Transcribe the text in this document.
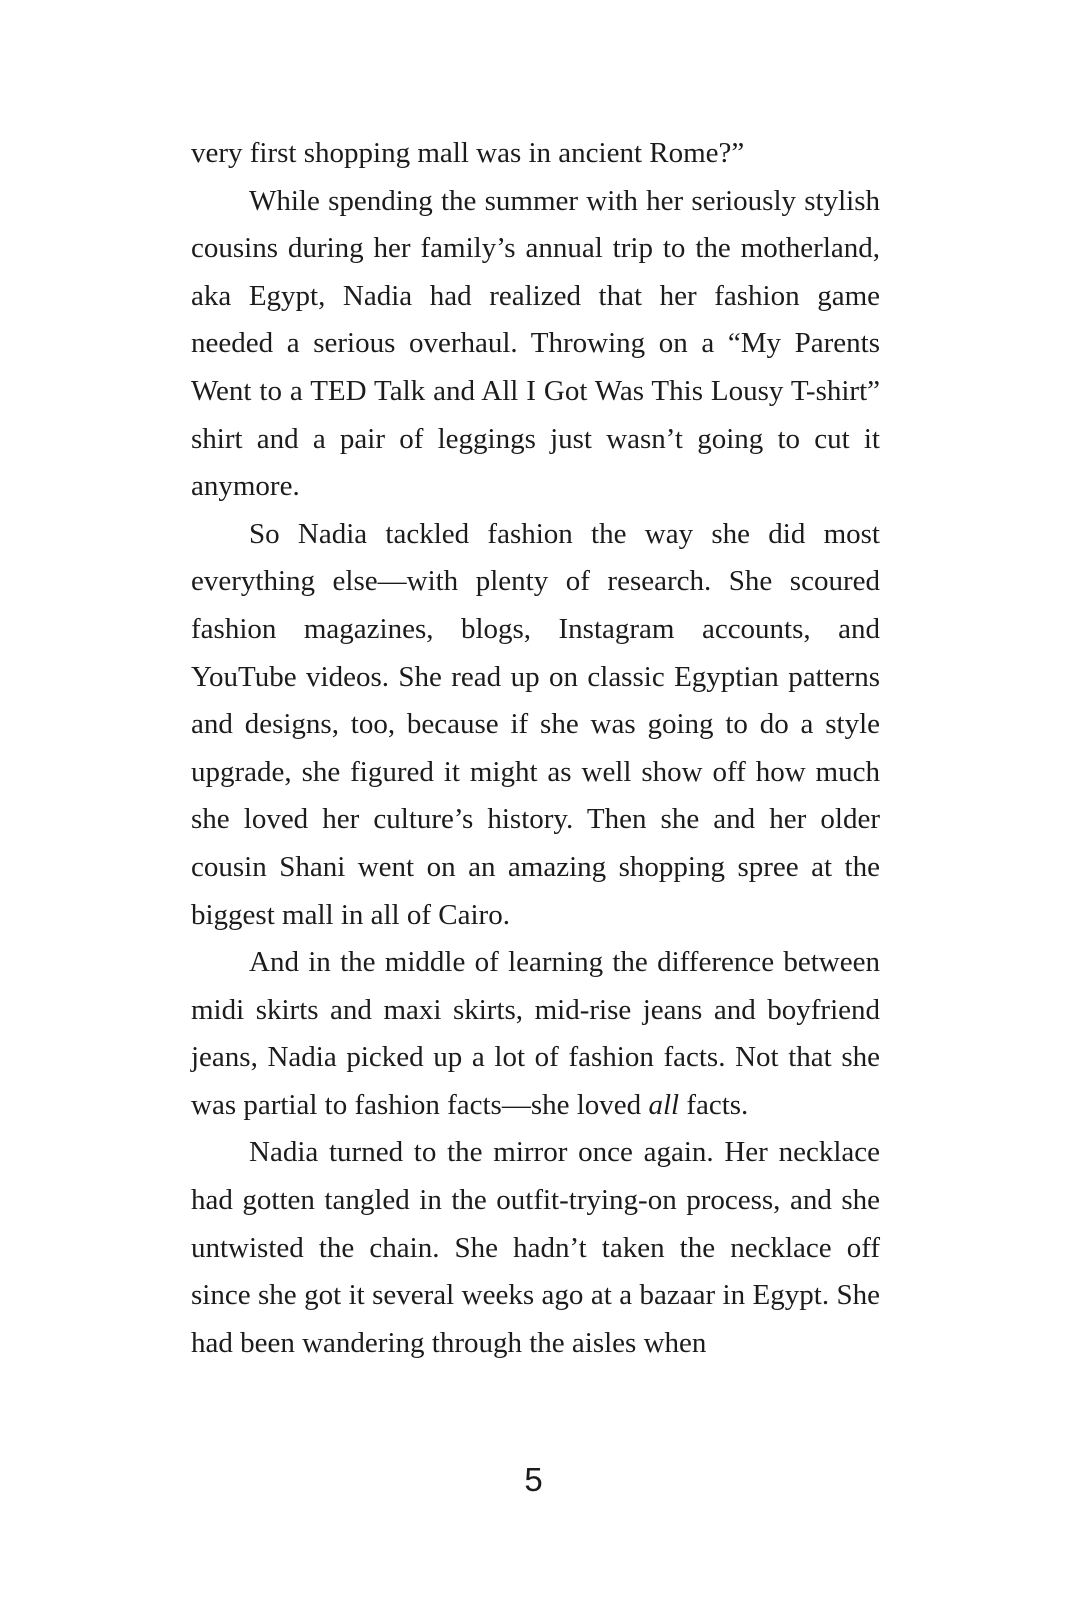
very first shopping mall was in ancient Rome?”

While spending the summer with her seriously stylish cousins during her family’s annual trip to the motherland, aka Egypt, Nadia had realized that her fashion game needed a serious overhaul. Throwing on a “My Parents Went to a TED Talk and All I Got Was This Lousy T-shirt” shirt and a pair of leggings just wasn’t going to cut it anymore.

So Nadia tackled fashion the way she did most everything else—with plenty of research. She scoured fashion magazines, blogs, Instagram accounts, and YouTube videos. She read up on classic Egyptian patterns and designs, too, because if she was going to do a style upgrade, she figured it might as well show off how much she loved her culture’s history. Then she and her older cousin Shani went on an amazing shopping spree at the biggest mall in all of Cairo.

And in the middle of learning the difference between midi skirts and maxi skirts, mid-rise jeans and boyfriend jeans, Nadia picked up a lot of fashion facts. Not that she was partial to fashion facts—she loved all facts.

Nadia turned to the mirror once again. Her necklace had gotten tangled in the outfit-trying-on process, and she untwisted the chain. She hadn’t taken the necklace off since she got it several weeks ago at a bazaar in Egypt. She had been wandering through the aisles when

5
